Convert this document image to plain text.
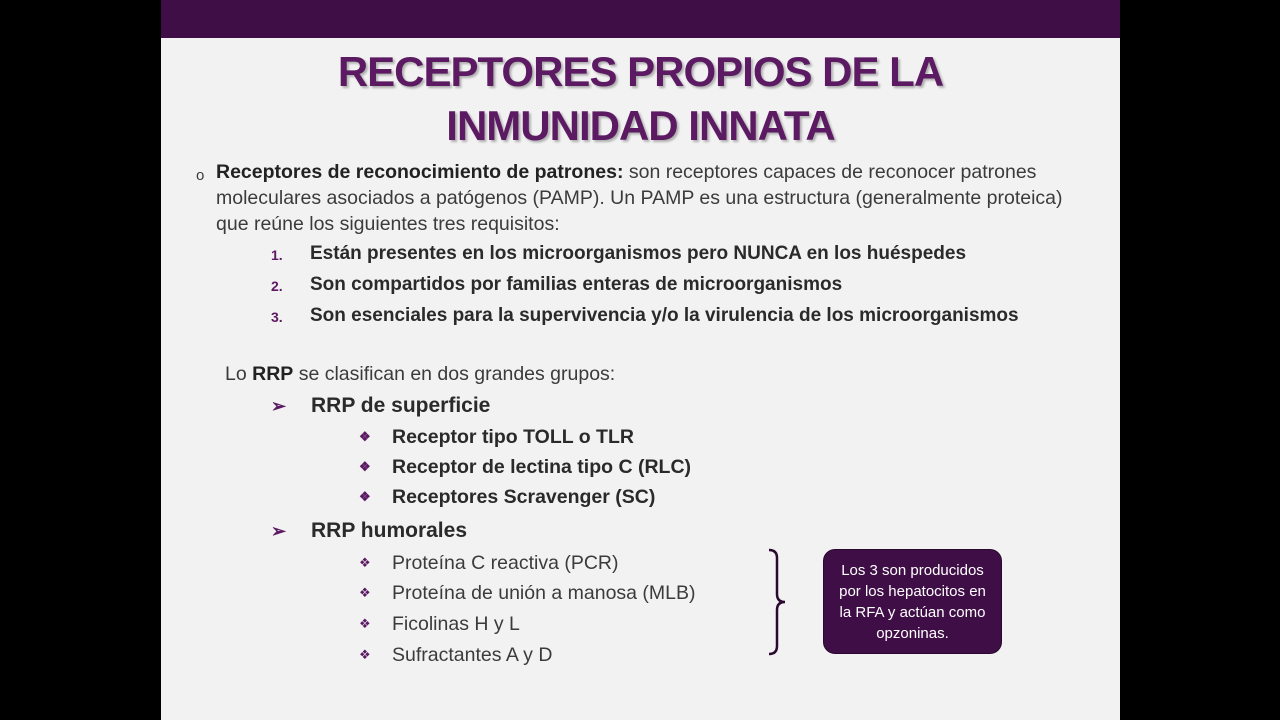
RECEPTORES PROPIOS DE LA
INMUNIDAD INNATA
o Receptores de reconocimiento de patrones: son receptores capaces de reconocer patrones moleculares asociados a patógenos (PAMP). Un PAMP es una estructura (generalmente proteica) que reúne los siguientes tres requisitos:
1. Están presentes en los microorganismos pero NUNCA en los huéspedes
2. Son compartidos por familias enteras de microorganismos
3. Son esenciales para la supervivencia y/o la virulencia de los microorganismos
Lo RRP se clasifican en dos grandes grupos:
➢ RRP de superficie
❖ Receptor tipo TOLL o TLR
❖ Receptor de lectina tipo C (RLC)
❖ Receptores Scravenger (SC)
➢ RRP humorales
❖ Proteína C reactiva (PCR)
❖ Proteína de unión a manosa (MLB)
❖ Ficolinas H y L
❖ Sufractantes A y D
Los 3 son producidos por los hepatocitos en la RFA y actúan como opzoninas.
